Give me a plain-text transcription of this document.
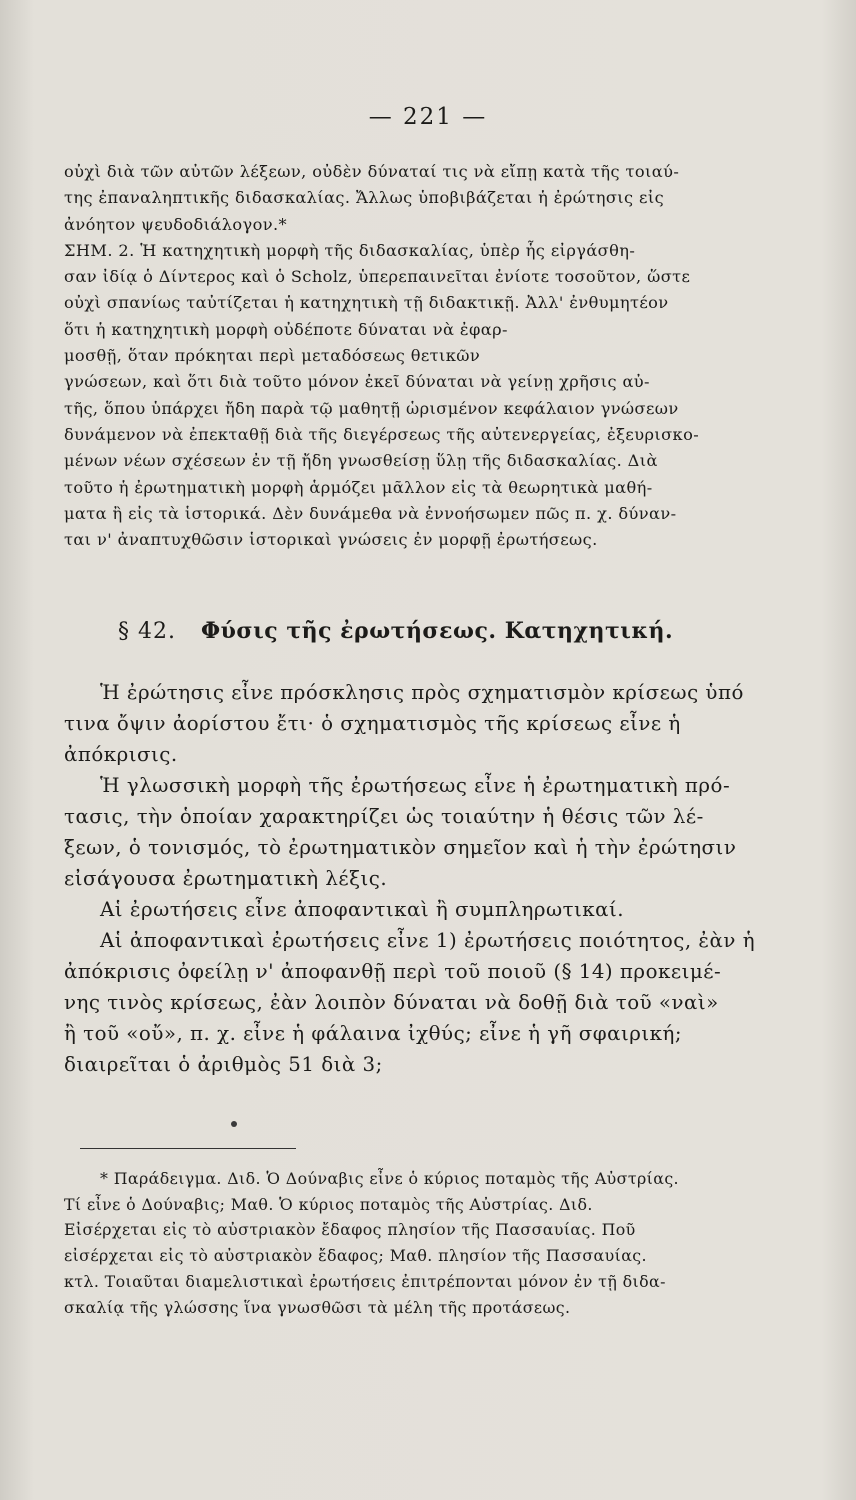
— 221 —
οὐχὶ διὰ τῶν αὐτῶν λέξεων, οὐδὲν δύναταί τις νὰ εἴπῃ κατὰ τῆς τοιαύ-
της ἐπαναληπτικῆς διδασκαλίας. Ἄλλως ὑποβιβάζεται ἡ ἐρώτησις εἰς
ἀνόητον ψευδοδιάλογον.*
ΣΗΜ. 2. Ἡ κατηχητικὴ μορφὴ τῆς διδασκαλίας, ὑπὲρ ἧς εἰργάσθη-
σαν ἰδίᾳ ὁ Δίντερος καὶ ὁ Scholz, ὑπερεπαινεῖται ἐνίοτε τοσοῦτον, ὥστε
οὐχὶ σπανίως ταὐτίζεται ἡ κατηχητικὴ τῇ διδακτικῇ. Ἀλλ' ἐνθυμητέον
ὅτι ἡ κατηχητικὴ μορφὴ οὐδέποτε δύναται νὰ ἐφαρ-
μοσθῇ, ὅταν πρόκηται περὶ μεταδόσεως θετικῶν
γνώσεων, καὶ ὅτι διὰ τοῦτο μόνον ἐκεῖ δύναται νὰ γείνῃ χρῆσις αὐ-
τῆς, ὅπου ὑπάρχει ἤδη παρὰ τῷ μαθητῇ ὡρισμένον κεφάλαιον γνώσεων
δυνάμενον νὰ ἐπεκταθῇ διὰ τῆς διεγέρσεως τῆς αὐτενεργείας, ἐξευρισκο-
μένων νέων σχέσεων ἐν τῇ ἤδη γνωσθείσῃ ὕλῃ τῆς διδασκαλίας. Διὰ
τοῦτο ἡ ἐρωτηματικὴ μορφὴ ἁρμόζει μᾶλλον εἰς τὰ θεωρητικὰ μαθή-
ματα ἢ εἰς τὰ ἱστορικά. Δὲν δυνάμεθα νὰ ἐννοήσωμεν πῶς π. χ. δύναν-
ται ν' ἀναπτυχθῶσιν ἱστορικαὶ γνώσεις ἐν μορφῇ ἐρωτήσεως.
§ 42. Φύσις τῆς ἐρωτήσεως. Κατηχητική.
Ἡ ἐρώτησις εἶνε πρόσκλησις πρὸς σχηματισμὸν κρίσεως ὑπό
τινα ὄψιν ἀορίστου ἔτι· ὁ σχηματισμὸς τῆς κρίσεως εἶνε ἡ
ἀπόκρισις.
Ἡ γλωσσικὴ μορφὴ τῆς ἐρωτήσεως εἶνε ἡ ἐρωτηματικὴ πρό-
τασις, τὴν ὁποίαν χαρακτηρίζει ὡς τοιαύτην ἡ θέσις τῶν λέ-
ξεων, ὁ τονισμός, τὸ ἐρωτηματικὸν σημεῖον καὶ ἡ τὴν ἐρώτησιν
εἰσάγουσα ἐρωτηματικὴ λέξις.
Αἱ ἐρωτήσεις εἶνε ἀποφαντικαὶ ἢ συμπληρωτικαί.
Αἱ ἀποφαντικαὶ ἐρωτήσεις εἶνε 1) ἐρωτήσεις ποιότητος, ἐὰν ἡ
ἀπόκρισις ὀφείλῃ ν' ἀποφανθῇ περὶ τοῦ ποιοῦ (§ 14) προκειμέ-
νης τινὸς κρίσεως, ἐὰν λοιπὸν δύναται νὰ δοθῇ διὰ τοῦ «ναὶ»
ἢ τοῦ «οὔ», π. χ. εἶνε ἡ φάλαινα ἰχθύς; εἶνε ἡ γῆ σφαιρική;
διαιρεῖται ὁ ἀριθμὸς 51 διὰ 3;
* Παράδειγμα. Διδ. Ὁ Δούναβις εἶνε ὁ κύριος ποταμὸς τῆς Αὐστρίας.
Τί εἶνε ὁ Δούναβις; Μαθ. Ὁ κύριος ποταμὸς τῆς Αὐστρίας. Διδ.
Εἰσέρχεται εἰς τὸ αὐστριακὸν ἔδαφος πλησίον τῆς Πασσαυίας. Ποῦ
εἰσέρχεται εἰς τὸ αὐστριακὸν ἔδαφος; Μαθ. πλησίον τῆς Πασσαυίας.
κτλ. Τοιαῦται διαμελιστικαὶ ἐρωτήσεις ἐπιτρέπονται μόνον ἐν τῇ διδα-
σκαλίᾳ τῆς γλώσσης ἵνα γνωσθῶσι τὰ μέλη τῆς προτάσεως.
